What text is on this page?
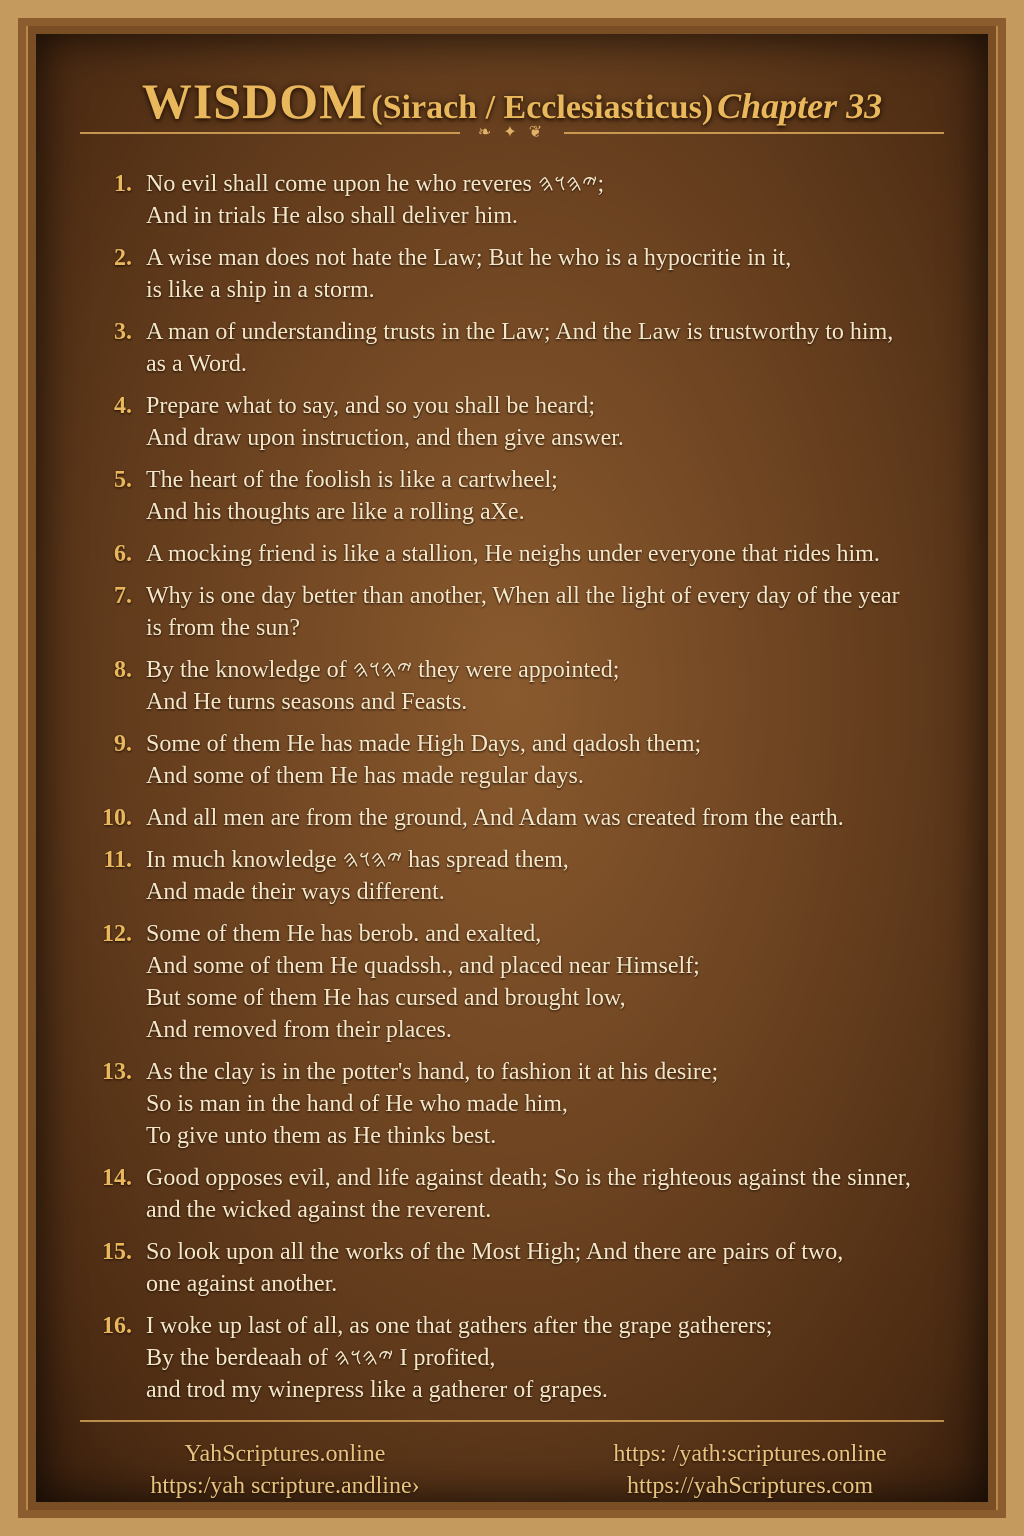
WISDOM (Sirach / Ecclesiasticus) Chapter 33
❧ ✦ ❦
1. No evil shall come upon he who reveres 𐤉𐤄𐤅𐤄;
And in trials He also shall deliver him.
2. A wise man does not hate the Law; But he who is a hypocritie in it,
is like a ship in a storm.
3. A man of understanding trusts in the Law; And the Law is trustworthy to him,
as a Word.
4. Prepare what to say, and so you shall be heard;
And draw upon instruction, and then give answer.
5. The heart of the foolish is like a cartwheel;
And his thoughts are like a rolling aXe.
6. A mocking friend is like a stallion, He neighs under everyone that rides him.
7. Why is one day better than another, When all the light of every day of the year
is from the sun?
8. By the knowledge of 𐤉𐤄𐤅𐤄 they were appointed;
And He turns seasons and Feasts.
9. Some of them He has made High Days, and qadosh them;
And some of them He has made regular days.
10. And all men are from the ground, And Adam was created from the earth.
11. In much knowledge 𐤉𐤄𐤅𐤄 has spread them,
And made their ways different.
12. Some of them He has berob. and exalted,
And some of them He quadssh., and placed near Himself;
But some of them He has cursed and brought low,
And removed from their places.
13. As the clay is in the potter's hand, to fashion it at his desire;
So is man in the hand of He who made him,
To give unto them as He thinks best.
14. Good opposes evil, and life against death; So is the righteous against the sinner,
and the wicked against the reverent.
15. So look upon all the works of the Most High; And there are pairs of two,
one against another.
16. I woke up last of all, as one that gathers after the grape gatherers;
By the berdeaah of 𐤉𐤄𐤅𐤄 I profited,
and trod my winepress like a gatherer of grapes.
YahScriptures.online
https:/yah scripture.andline›
https: /yath:scriptures.online
https://yahScriptures.com
